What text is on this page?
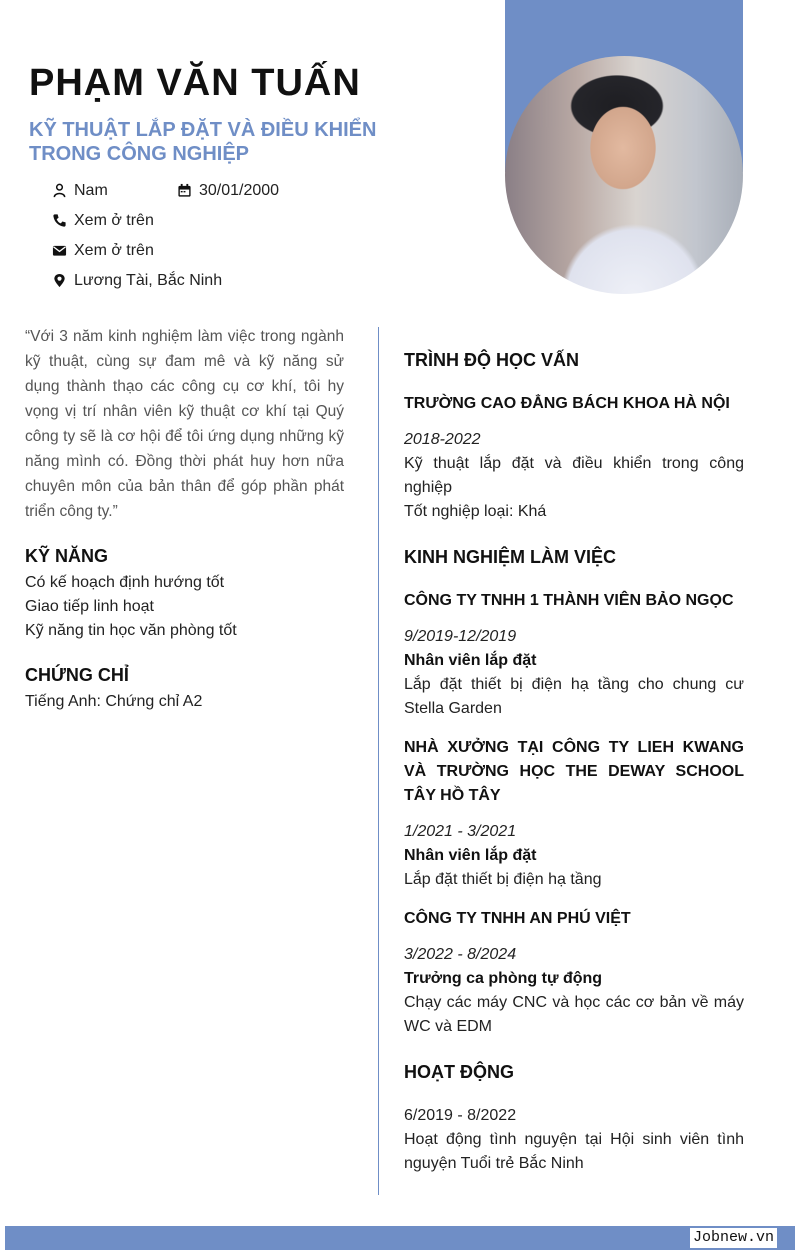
PHẠM VĂN TUẤN
KỸ THUẬT LẮP ĐẶT VÀ ĐIỀU KHIỂN TRONG CÔNG NGHIỆP
Nam	30/01/2000
Xem ở trên
Xem ở trên
Lương Tài, Bắc Ninh

“Với 3 năm kinh nghiệm làm việc trong ngành kỹ thuật, cùng sự đam mê và kỹ năng sử dụng thành thạo các công cụ cơ khí, tôi hy vọng vị trí nhân viên kỹ thuật cơ khí tại Quý công ty sẽ là cơ hội để tôi ứng dụng những kỹ năng mình có. Đồng thời phát huy hơn nữa chuyên môn của bản thân để góp phần phát triển công ty.”

KỸ NĂNG

Có kế hoạch định hướng tốt

Giao tiếp linh hoạt

Kỹ năng tin học văn phòng tốt

CHỨNG CHỈ

Tiếng Anh: Chứng chỉ A2

TRÌNH ĐỘ HỌC VẤN

TRƯỜNG CAO ĐẲNG BÁCH KHOA HÀ NỘI

2018-2022

Kỹ thuật lắp đặt và điều khiển trong công nghiệp

Tốt nghiệp loại: Khá

KINH NGHIỆM LÀM VIỆC

CÔNG TY TNHH 1 THÀNH VIÊN BẢO NGỌC

9/2019-12/2019

Nhân viên lắp đặt

Lắp đặt thiết bị điện hạ tầng cho chung cư Stella Garden

NHÀ XƯỞNG TẠI CÔNG TY LIEH KWANG VÀ TRƯỜNG HỌC THE DEWAY SCHOOL TÂY HỒ TÂY

1/2021 - 3/2021

Nhân viên lắp đặt

Lắp đặt thiết bị điện hạ tầng

CÔNG TY TNHH AN PHÚ VIỆT

3/2022 - 8/2024

Trưởng ca phòng tự động

Chạy các máy CNC và học các cơ bản về máy WC và EDM

HOẠT ĐỘNG

6/2019 - 8/2022

Hoạt động tình nguyện tại Hội sinh viên tình nguyện Tuổi trẻ Bắc Ninh

Jobnew.vn
